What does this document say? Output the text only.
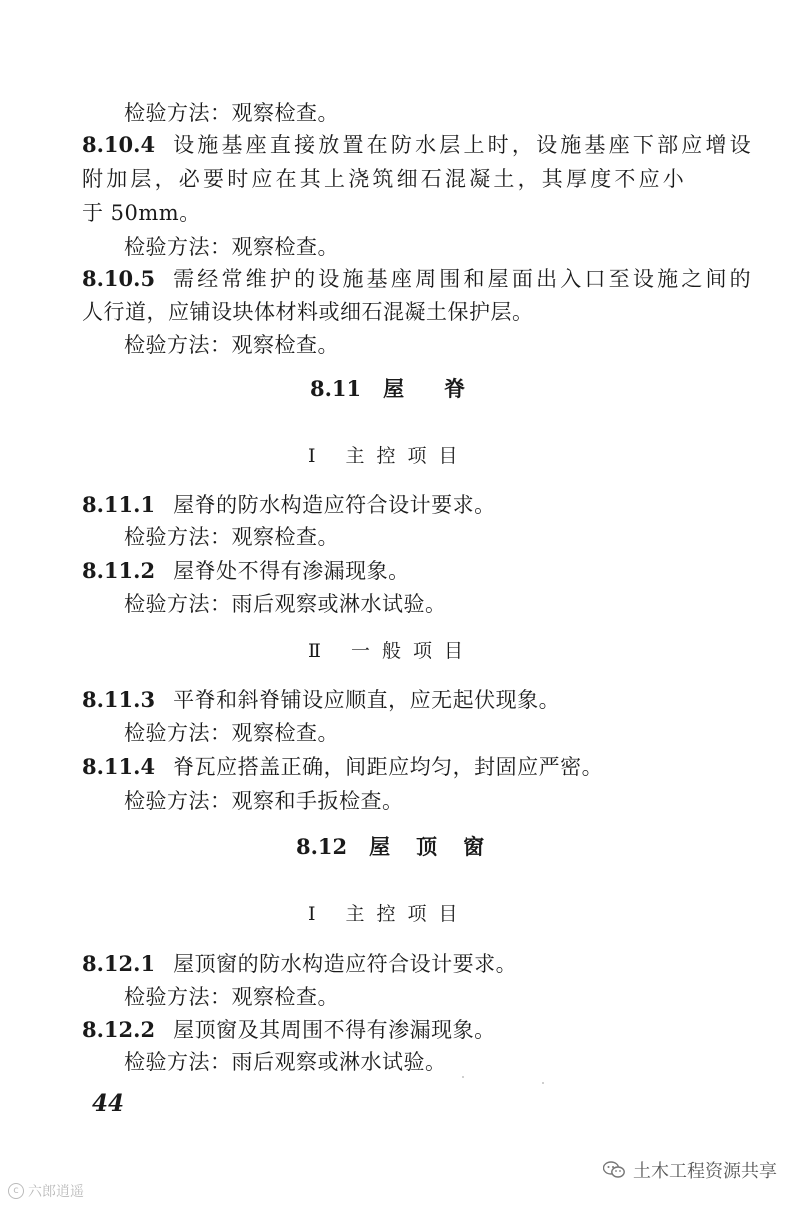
检验方法：观察检查。
8.10.4 设施基座直接放置在防水层上时，设施基座下部应增设
附加层，必要时应在其上浇筑细石混凝土，其厚度不应小
于 50mm。
检验方法：观察检查。
8.10.5 需经常维护的设施基座周围和屋面出入口至设施之间的
人行道，应铺设块体材料或细石混凝土保护层。
检验方法：观察检查。
8.11 屋脊
Ⅰ 主控项目
8.11.1 屋脊的防水构造应符合设计要求。
检验方法：观察检查。
8.11.2 屋脊处不得有渗漏现象。
检验方法：雨后观察或淋水试验。
Ⅱ 一般项目
8.11.3 平脊和斜脊铺设应顺直，应无起伏现象。
检验方法：观察检查。
8.11.4 脊瓦应搭盖正确，间距应均匀，封固应严密。
检验方法：观察和手扳检查。
8.12 屋顶窗
Ⅰ 主控项目
8.12.1 屋顶窗的防水构造应符合设计要求。
检验方法：观察检查。
8.12.2 屋顶窗及其周围不得有渗漏现象。
检验方法：雨后观察或淋水试验。
44
土木工程资源共享
c 六郎逍遥
